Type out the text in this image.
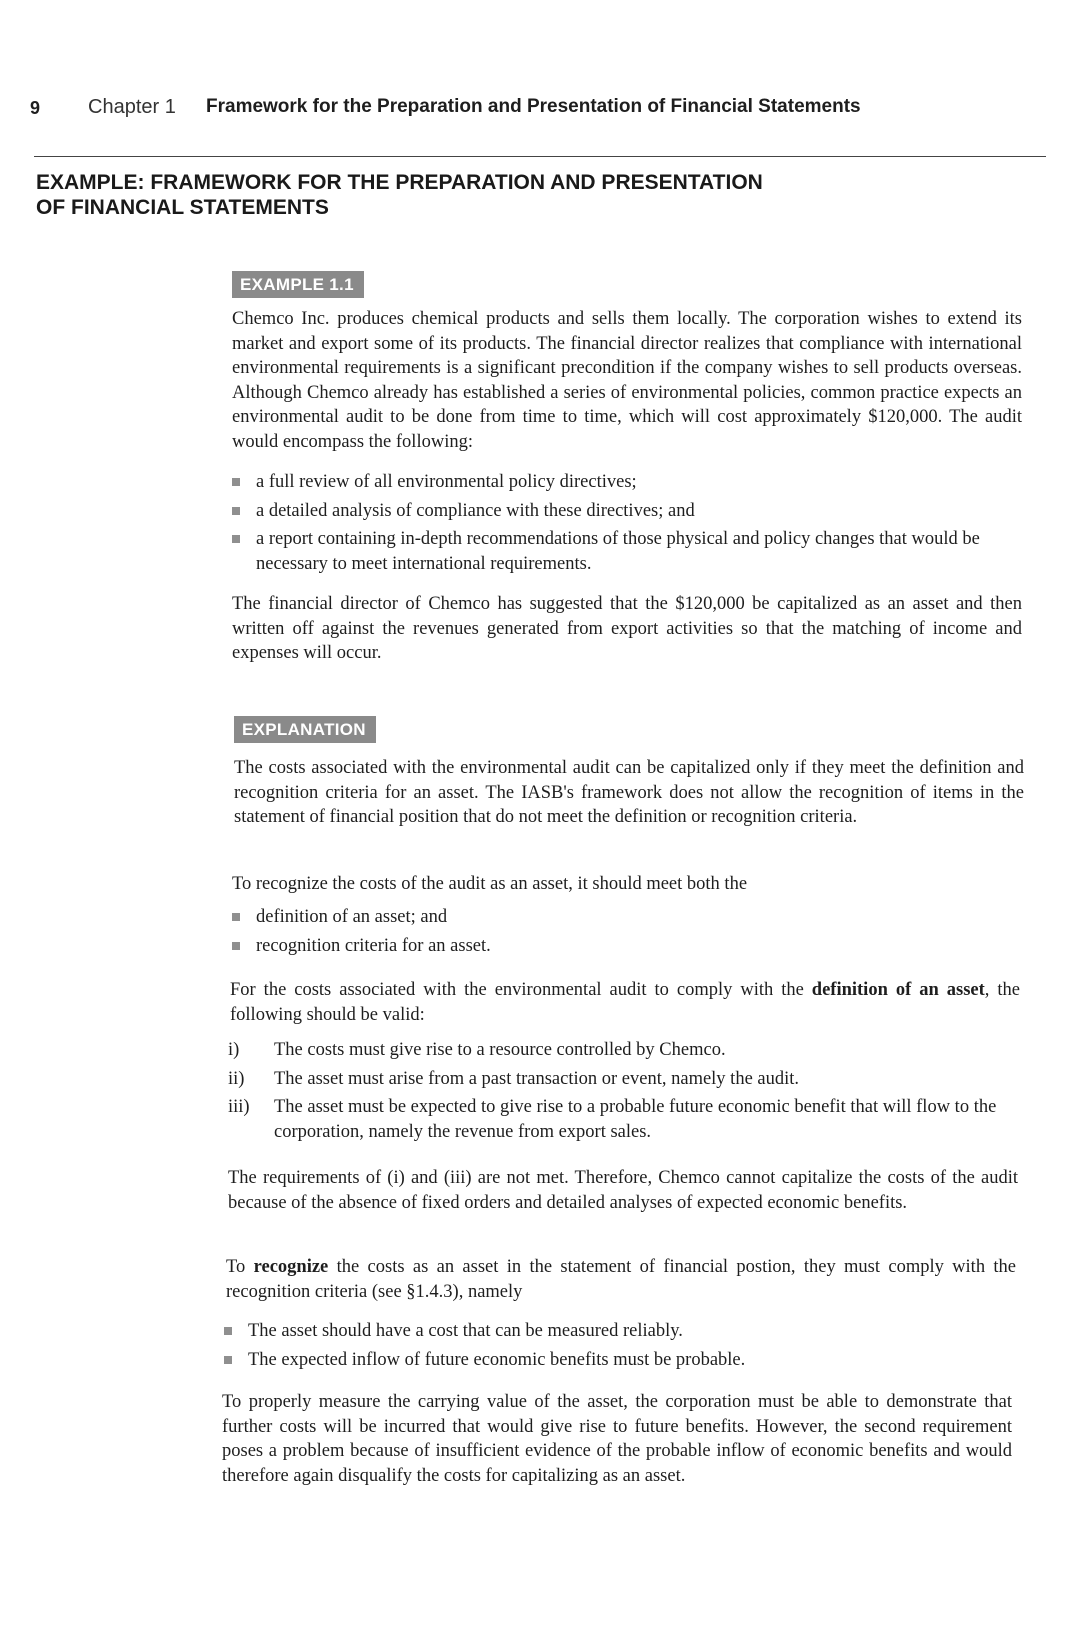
9 Chapter 1 Framework for the Preparation and Presentation of Financial Statements
EXAMPLE: FRAMEWORK FOR THE PREPARATION AND PRESENTATION
OF FINANCIAL STATEMENTS
EXAMPLE 1.1

Chemco Inc. produces chemical products and sells them locally. The corporation wishes to extend its market and export some of its products. The financial director realizes that compliance with international environmental requirements is a significant precondition if the company wishes to sell products overseas. Although Chemco already has established a series of environmental policies, common practice expects an environmental audit to be done from time to time, which will cost approximately $120,000. The audit would encompass the following:

a full review of all environmental policy directives;
a detailed analysis of compliance with these directives; and
a report containing in-depth recommendations of those physical and policy changes that would be necessary to meet international requirements.

The financial director of Chemco has suggested that the $120,000 be capitalized as an asset and then written off against the revenues generated from export activities so that the matching of income and expenses will occur.

EXPLANATION

The costs associated with the environmental audit can be capitalized only if they meet the definition and recognition criteria for an asset. The IASB's framework does not allow the recognition of items in the statement of financial position that do not meet the definition or recognition criteria.

To recognize the costs of the audit as an asset, it should meet both the

definition of an asset; and
recognition criteria for an asset.

For the costs associated with the environmental audit to comply with the definition of an asset, the following should be valid:

i) The costs must give rise to a resource controlled by Chemco.
ii) The asset must arise from a past transaction or event, namely the audit.
iii) The asset must be expected to give rise to a probable future economic benefit that will flow to the corporation, namely the revenue from export sales.

The requirements of (i) and (iii) are not met. Therefore, Chemco cannot capitalize the costs of the audit because of the absence of fixed orders and detailed analyses of expected economic benefits.

To recognize the costs as an asset in the statement of financial postion, they must comply with the recognition criteria (see §1.4.3), namely

The asset should have a cost that can be measured reliably.
The expected inflow of future economic benefits must be probable.

To properly measure the carrying value of the asset, the corporation must be able to demonstrate that further costs will be incurred that would give rise to future benefits. However, the second requirement poses a problem because of insufficient evidence of the probable inflow of economic benefits and would therefore again disqualify the costs for capitalizing as an asset.
